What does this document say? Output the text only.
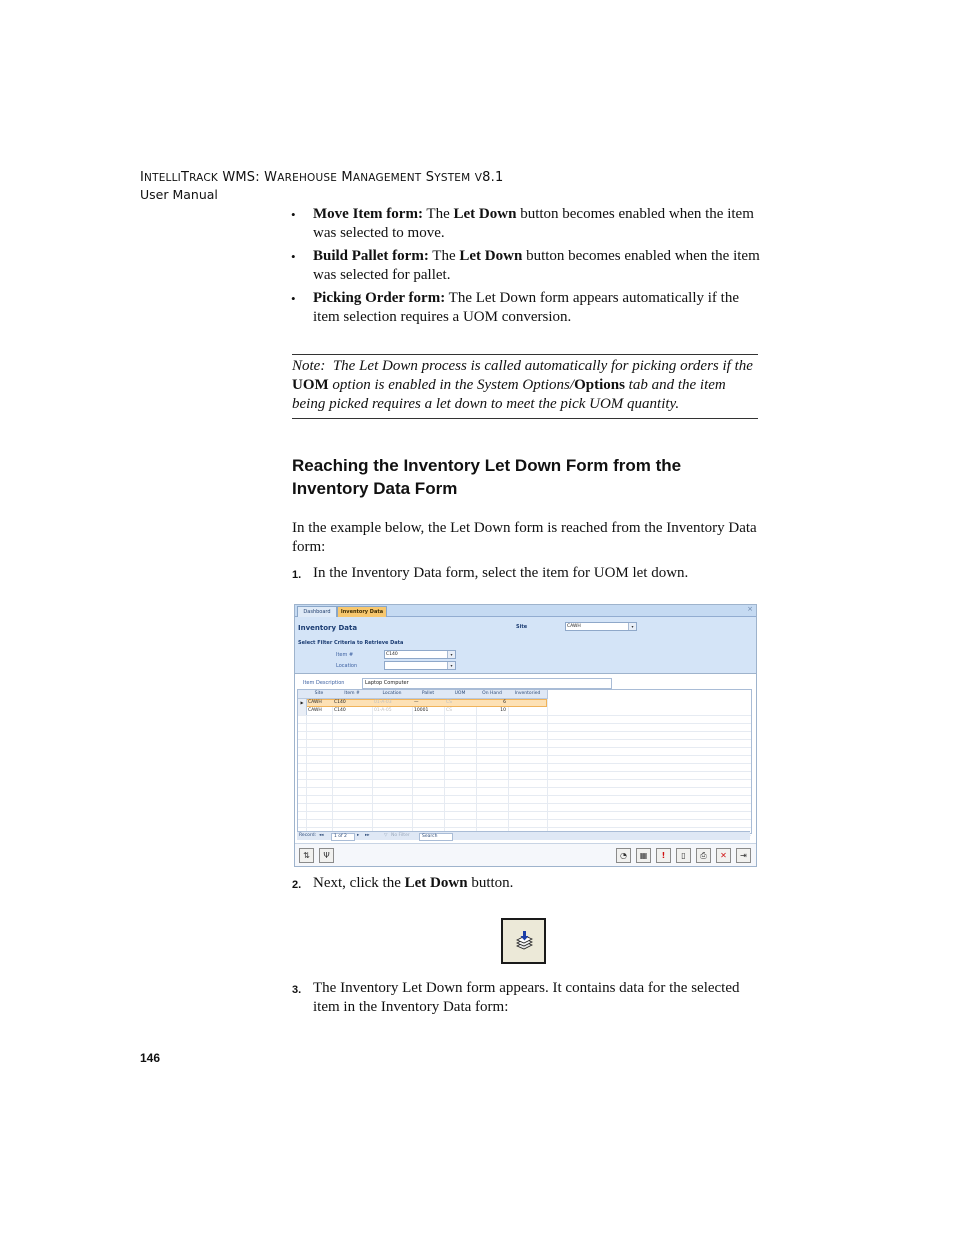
INTELLITRACK WMS: WAREHOUSE MANAGEMENT SYSTEM V8.1
User Manual
• Move Item form: The Let Down button becomes enabled when the item was selected to move.
• Build Pallet form: The Let Down button becomes enabled when the item was selected for pallet.
• Picking Order form: The Let Down form appears automatically if the item selection requires a UOM conversion.
Note: The Let Down process is called automatically for picking orders if the UOM option is enabled in the System Options/Options tab and the item being picked requires a let down to meet the pick UOM quantity.
Reaching the Inventory Let Down Form from the Inventory Data Form
In the example below, the Let Down form is reached from the Inventory Data form:
1. In the Inventory Data form, select the item for UOM let down.
Dashboard	Inventory Data	×
Inventory Data
Select Filter Criteria to Retrieve Data
Site	CAWH	▾
Item #	C140	▾
Location	▾
Item Description	Laptop Computer
Site	Item #	Location	Pallet	UOM	On Hand	Inventoried
▶ CAWH	C140	01-A-03	—	CS	6
CAWH	C140	01-A-05	10001	CS	10
Record: ◂◂	1 of 2	▸ ▸▸	▽ No Filter	Search
⇅	Ψ	◔	▦	!	▯	⎙	✕	⇥
2. Next, click the Let Down button.
3. The Inventory Let Down form appears. It contains data for the selected item in the Inventory Data form:
146
